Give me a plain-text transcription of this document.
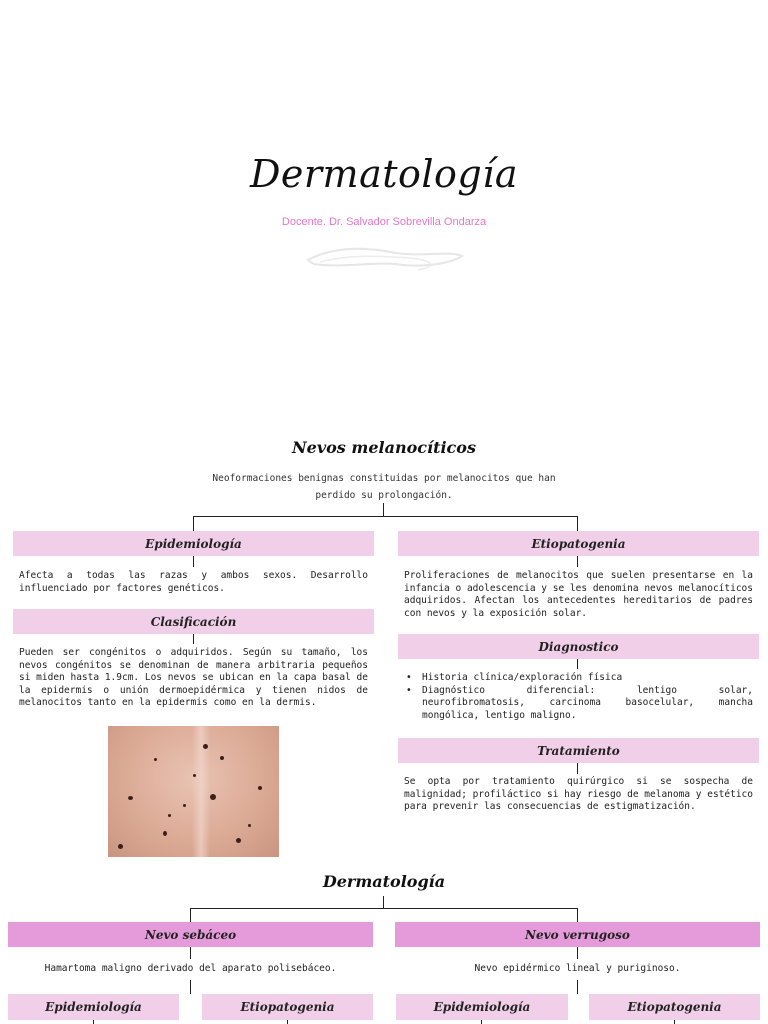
Dermatología
Docente. Dr. Salvador Sobrevilla Ondarza
Nevos melanocíticos
Neoformaciones benignas constituidas por melanocitos que han perdido su prolongación.
Epidemiología
Afecta a todas las razas y ambos sexos. Desarrollo influenciado por factores genéticos.
Clasificación
Pueden ser congénitos o adquiridos. Según su tamaño, los nevos congénitos se denominan de manera arbitraria pequeños si miden hasta 1.9cm. Los nevos se ubican en la capa basal de la epidermis o unión dermoepidérmica y tienen nidos de melanocitos tanto en la epidermis como en la dermis.
Etiopatogenia
Proliferaciones de melanocitos que suelen presentarse en la infancia o adolescencia y se les denomina nevos melanocíticos adquiridos. Afectan los antecedentes hereditarios de padres con nevos y la exposición solar.
Diagnostico
• Historia clínica/exploración física
• Diagnóstico diferencial: lentigo solar, neurofibromatosis, carcinoma basocelular, mancha mongólica, lentigo maligno.
Tratamiento
Se opta por tratamiento quirúrgico si se sospecha de malignidad; profiláctico si hay riesgo de melanoma y estético para prevenir las consecuencias de estigmatización.
Dermatología
Nevo sebáceo	Nevo verrugoso
Hamartoma maligno derivado del aparato polisebáceo.	Nevo epidérmico lineal y puriginoso.
Epidemiología	Etiopatogenia	Epidemiología	Etiopatogenia
